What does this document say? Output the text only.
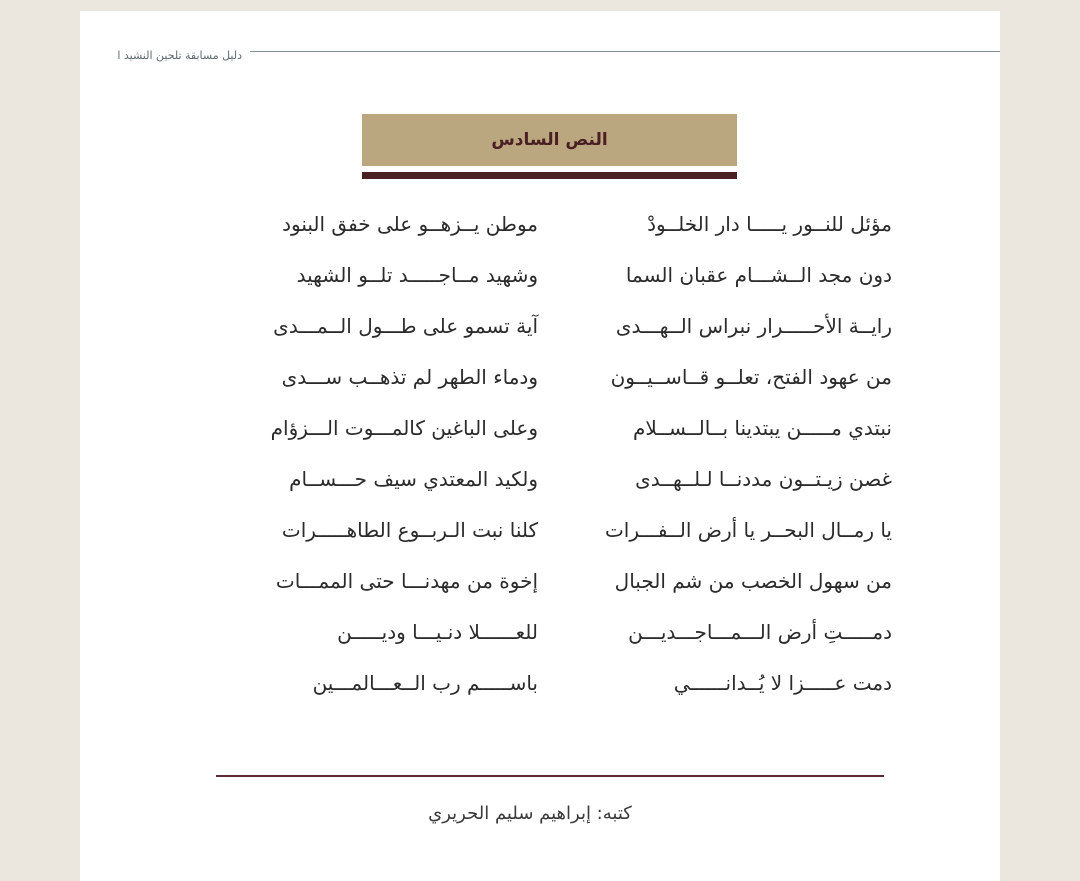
دليل مسابقة تلحين النشيد ا
النص السادس
مؤئل للنــور يـــــا دار الخلــودْ
موطن يــزهــو على خفق البنود
دون مجد الــشـــام عقبان السما
وشهيد مــاجـــــد تلــو الشهيد
رايــة الأحـــــرار نبراس الــهـــدى
آية تسمو على طـــول الــمـــدى
من عهود الفتح، تعلــو قــاســيــون
ودماء الطهر لم تذهــب ســـدى
نبتدي مـــــن يبتدينا بــالــســلام
وعلى الباغين كالمـــوت الـــزؤام
غصن زيـتــون مددنــا لـلــهــدى
ولكيد المعتدي سيف حـــســام
يا رمــال البحــر يا أرض الــفـــرات
كلنا نبت الـربــوع الطاهـــــرات
من سهول الخصب من شم الجبال
إخوة من مهدنـــا حتى الممـــات
دمـــــتِ أرض الـــمـــاجـــديـــن
للعــــــلا دنـيـــا وديـــــن
دمت عـــــزا لا يُــدانــــــي
باســـــم رب الــعـــالمـــين
كتبه: إبراهيم سليم الحريري
